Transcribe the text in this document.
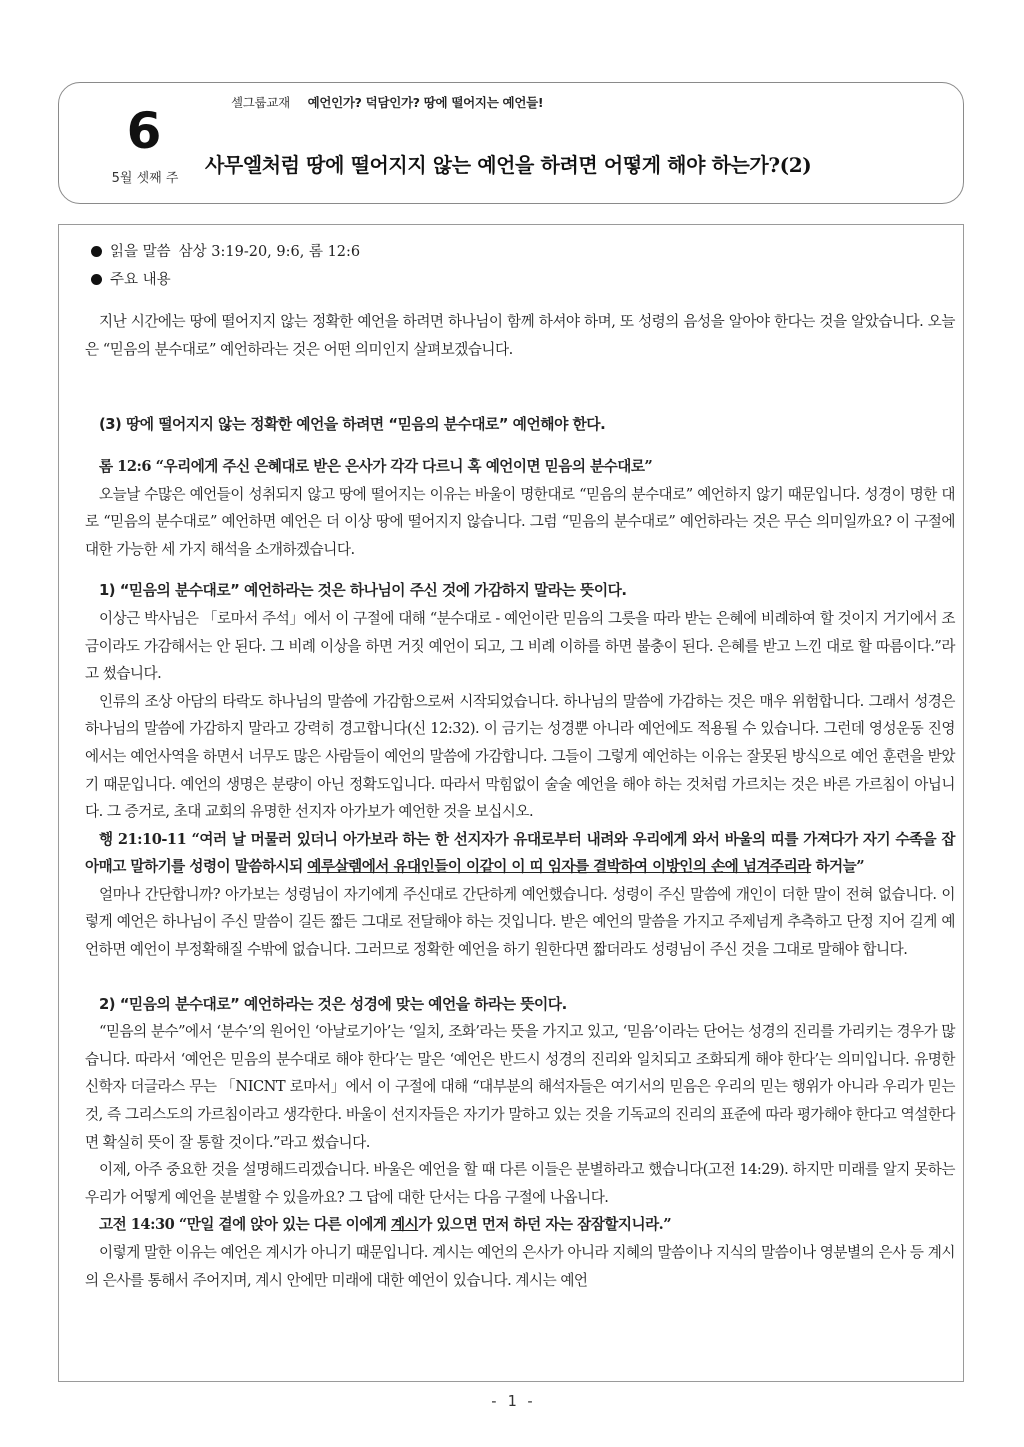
6
5월 셋째 주
셀그룹교재 예언인가? 덕담인가? 땅에 떨어지는 예언들!
사무엘처럼 땅에 떨어지지 않는 예언을 하려면 어떻게 해야 하는가?(2)

읽을 말씀 삼상 3:19-20, 9:6, 롬 12:6

주요 내용

지난 시간에는 땅에 떨어지지 않는 정확한 예언을 하려면 하나님이 함께 하셔야 하며, 또 성령의 음성을 알아야 한다는 것을 알았습니다. 오늘은 “믿음의 분수대로” 예언하라는 것은 어떤 의미인지 살펴보겠습니다.

(3) 땅에 떨어지지 않는 정확한 예언을 하려면 “믿음의 분수대로” 예언해야 한다.

롬 12:6 “우리에게 주신 은혜대로 받은 은사가 각각 다르니 혹 예언이면 믿음의 분수대로”

오늘날 수많은 예언들이 성취되지 않고 땅에 떨어지는 이유는 바울이 명한대로 “믿음의 분수대로” 예언하지 않기 때문입니다. 성경이 명한 대로 “믿음의 분수대로” 예언하면 예언은 더 이상 땅에 떨어지지 않습니다. 그럼 “믿음의 분수대로” 예언하라는 것은 무슨 의미일까요? 이 구절에 대한 가능한 세 가지 해석을 소개하겠습니다.

1) “믿음의 분수대로” 예언하라는 것은 하나님이 주신 것에 가감하지 말라는 뜻이다.

이상근 박사님은 「로마서 주석」에서 이 구절에 대해 “분수대로 - 예언이란 믿음의 그릇을 따라 받는 은혜에 비례하여 할 것이지 거기에서 조금이라도 가감해서는 안 된다. 그 비례 이상을 하면 거짓 예언이 되고, 그 비례 이하를 하면 불충이 된다. 은혜를 받고 느낀 대로 할 따름이다.”라고 썼습니다.

인류의 조상 아담의 타락도 하나님의 말씀에 가감함으로써 시작되었습니다. 하나님의 말씀에 가감하는 것은 매우 위험합니다. 그래서 성경은 하나님의 말씀에 가감하지 말라고 강력히 경고합니다(신 12:32). 이 금기는 성경뿐 아니라 예언에도 적용될 수 있습니다. 그런데 영성운동 진영에서는 예언사역을 하면서 너무도 많은 사람들이 예언의 말씀에 가감합니다. 그들이 그렇게 예언하는 이유는 잘못된 방식으로 예언 훈련을 받았기 때문입니다. 예언의 생명은 분량이 아닌 정확도입니다. 따라서 막힘없이 술술 예언을 해야 하는 것처럼 가르치는 것은 바른 가르침이 아닙니다. 그 증거로, 초대 교회의 유명한 선지자 아가보가 예언한 것을 보십시오.

행 21:10-11 “여러 날 머물러 있더니 아가보라 하는 한 선지자가 유대로부터 내려와 우리에게 와서 바울의 띠를 가져다가 자기 수족을 잡아매고 말하기를 성령이 말씀하시되 예루살렘에서 유대인들이 이같이 이 띠 임자를 결박하여 이방인의 손에 넘겨주리라 하거늘”

얼마나 간단합니까? 아가보는 성령님이 자기에게 주신대로 간단하게 예언했습니다. 성령이 주신 말씀에 개인이 더한 말이 전혀 없습니다. 이렇게 예언은 하나님이 주신 말씀이 길든 짧든 그대로 전달해야 하는 것입니다. 받은 예언의 말씀을 가지고 주제넘게 추측하고 단정 지어 길게 예언하면 예언이 부정확해질 수밖에 없습니다. 그러므로 정확한 예언을 하기 원한다면 짧더라도 성령님이 주신 것을 그대로 말해야 합니다.

2) “믿음의 분수대로” 예언하라는 것은 성경에 맞는 예언을 하라는 뜻이다.

“믿음의 분수”에서 ‘분수’의 원어인 ‘아날로기아’는 ‘일치, 조화’라는 뜻을 가지고 있고, ‘믿음’이라는 단어는 성경의 진리를 가리키는 경우가 많습니다. 따라서 ‘예언은 믿음의 분수대로 해야 한다’는 말은 ‘예언은 반드시 성경의 진리와 일치되고 조화되게 해야 한다’는 의미입니다. 유명한 신학자 더글라스 무는 「NICNT 로마서」에서 이 구절에 대해 “대부분의 해석자들은 여기서의 믿음은 우리의 믿는 행위가 아니라 우리가 믿는 것, 즉 그리스도의 가르침이라고 생각한다. 바울이 선지자들은 자기가 말하고 있는 것을 기독교의 진리의 표준에 따라 평가해야 한다고 역설한다면 확실히 뜻이 잘 통할 것이다.”라고 썼습니다.

이제, 아주 중요한 것을 설명해드리겠습니다. 바울은 예언을 할 때 다른 이들은 분별하라고 했습니다(고전 14:29). 하지만 미래를 알지 못하는 우리가 어떻게 예언을 분별할 수 있을까요? 그 답에 대한 단서는 다음 구절에 나옵니다.

고전 14:30 “만일 곁에 앉아 있는 다른 이에게 계시가 있으면 먼저 하던 자는 잠잠할지니라.”

이렇게 말한 이유는 예언은 계시가 아니기 때문입니다. 계시는 예언의 은사가 아니라 지혜의 말씀이나 지식의 말씀이나 영분별의 은사 등 계시의 은사를 통해서 주어지며, 계시 안에만 미래에 대한 예언이 있습니다. 계시는 예언

- 1 -
